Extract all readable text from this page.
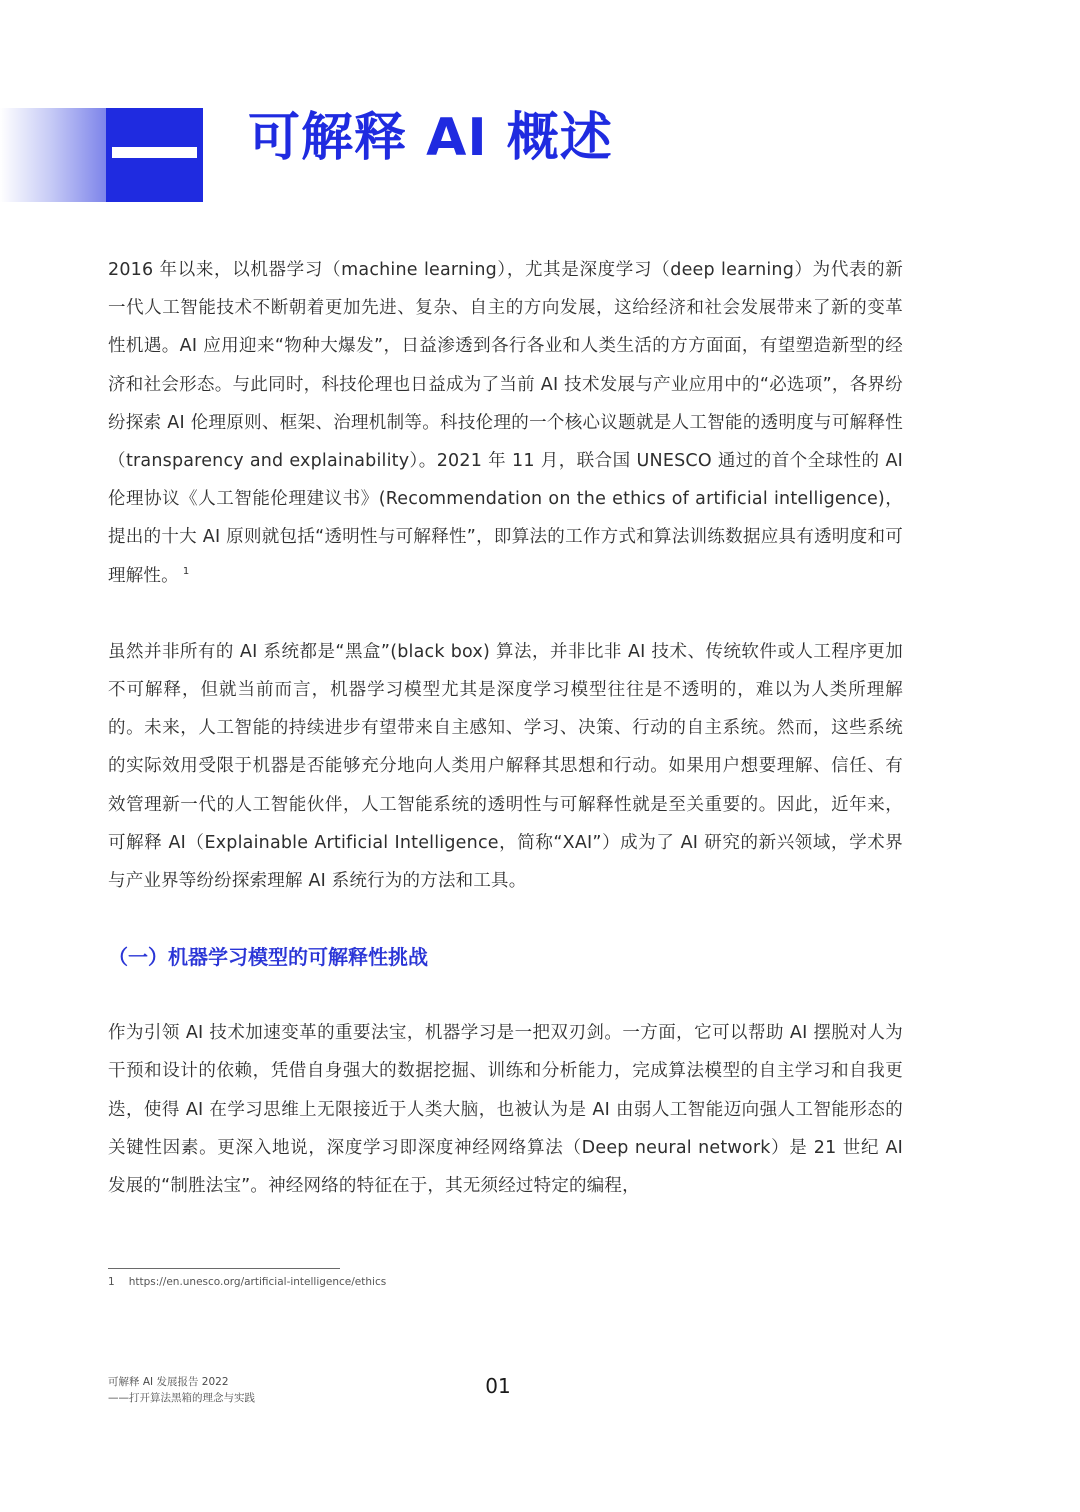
可解释 AI 概述

2016 年以来，以机器学习（machine learning），尤其是深度学习（deep learning）为代表的新一代人工智能技术不断朝着更加先进、复杂、自主的方向发展，这给经济和社会发展带来了新的变革性机遇。AI 应用迎来“物种大爆发”，日益渗透到各行各业和人类生活的方方面面，有望塑造新型的经济和社会形态。与此同时，科技伦理也日益成为了当前 AI 技术发展与产业应用中的“必选项”，各界纷纷探索 AI 伦理原则、框架、治理机制等。科技伦理的一个核心议题就是人工智能的透明度与可解释性（transparency and explainability）。2021 年 11 月，联合国 UNESCO 通过的首个全球性的 AI 伦理协议《人工智能伦理建议书》(Recommendation on the ethics of artificial intelligence)，提出的十大 AI 原则就包括“透明性与可解释性”，即算法的工作方式和算法训练数据应具有透明度和可理解性。 $^1$

虽然并非所有的 AI 系统都是“黑盒”(black box) 算法，并非比非 AI 技术、传统软件或人工程序更加不可解释，但就当前而言，机器学习模型尤其是深度学习模型往往是不透明的，难以为人类所理解的。未来，人工智能的持续进步有望带来自主感知、学习、决策、行动的自主系统。然而，这些系统的实际效用受限于机器是否能够充分地向人类用户解释其思想和行动。如果用户想要理解、信任、有效管理新一代的人工智能伙伴，人工智能系统的透明性与可解释性就是至关重要的。因此，近年来，可解释 AI（Explainable Artificial Intelligence，简称“XAI”）成为了 AI 研究的新兴领域，学术界与产业界等纷纷探索理解 AI 系统行为的方法和工具。

（一）机器学习模型的可解释性挑战

作为引领 AI 技术加速变革的重要法宝，机器学习是一把双刃剑。一方面，它可以帮助 AI 摆脱对人为干预和设计的依赖，凭借自身强大的数据挖掘、训练和分析能力，完成算法模型的自主学习和自我更迭，使得 AI 在学习思维上无限接近于人类大脑，也被认为是 AI 由弱人工智能迈向强人工智能形态的关键性因素。更深入地说，深度学习即深度神经网络算法（Deep neural network）是 21 世纪 AI 发展的“制胜法宝”。神经网络的特征在于，其无须经过特定的编程，

1 https://en.unesco.org/artificial-intelligence/ethics
可解释 AI 发展报告 2022
——打开算法黑箱的理念与实践	01
